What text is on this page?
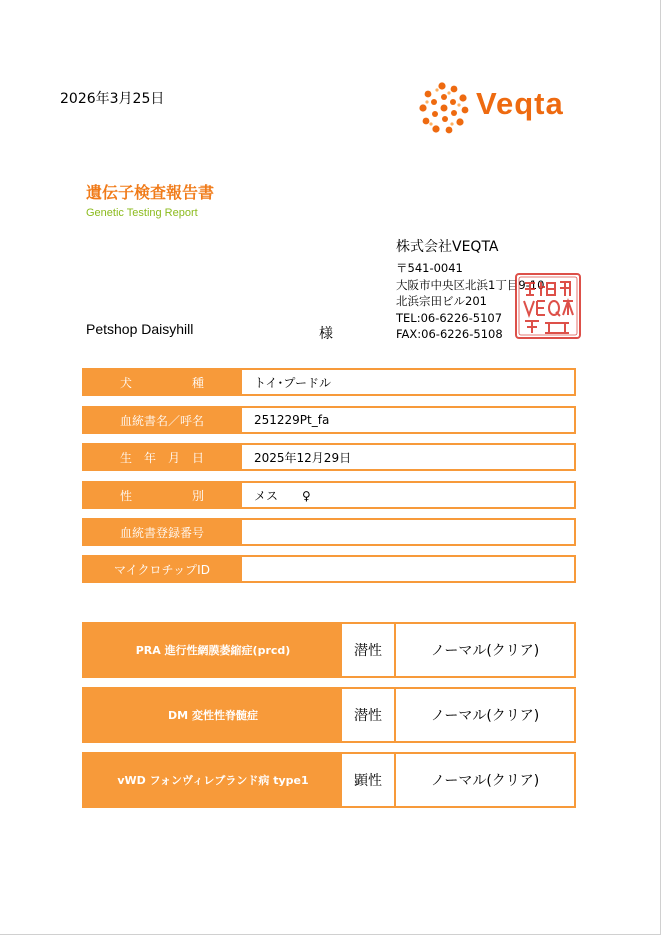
2026年3月25日	Veqta
遺伝子検査報告書
Genetic Testing Report
株式会社VEQTA
〒541-0041
大阪市中央区北浜1丁目9-10
北浜宗田ビル201
TEL:06-6226-5107
FAX:06-6226-5108
Petshop Daisyhill	様
犬　　　　　種	トイ･プードル
血統書名／呼名	251229Pt_fa
生　年　月　日	2025年12月29日
性　　　　　別	メス　　♀
血統書登録番号
マイクロチップID
PRA 進行性網膜萎縮症(prcd)	潜性	ノーマル(クリア)
DM 変性性脊髄症	潜性	ノーマル(クリア)
vWD フォンヴィレブランド病 type1	顕性	ノーマル(クリア)
